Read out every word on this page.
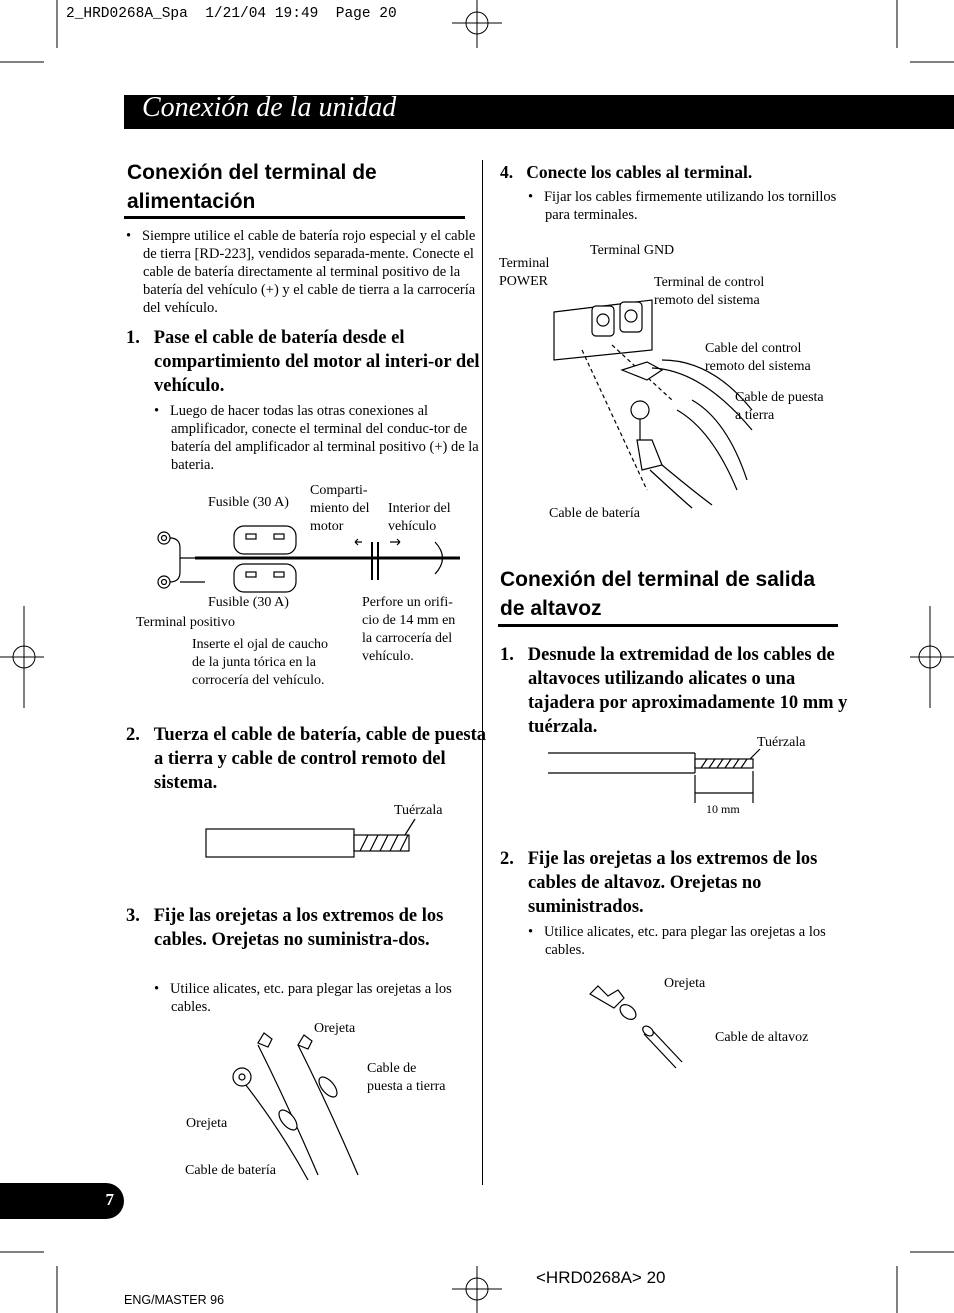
2_HRD0268A_Spa  1/21/04 19:49  Page 20
Conexión de la unidad
Conexión del terminal de
alimentación
•   Siempre utilice el cable de batería rojo especial y el cable de tierra [RD-223], vendidos separada-mente. Conecte el cable de batería directamente al terminal positivo de la batería del vehículo (+) y el cable de tierra a la carrocería del vehículo.
1. Pase el cable de batería desde el compartimiento del motor al interi-or del vehículo.
•   Luego de hacer todas las otras conexiones al amplificador, conecte el terminal del conduc-tor de batería del amplificador al terminal positivo (+) de la bateria.
Fusible (30 A)
Comparti-
miento del
motor
Interior del
vehículo
Fusible (30 A)
Terminal positivo
Inserte el ojal de caucho
de la junta tórica en la
corrocería del vehículo.
Perfore un orifi-
cio de 14 mm en
la carrocería del
vehículo.
2. Tuerza el cable de batería, cable de puesta a tierra y cable de control remoto del sistema.
Tuérzala
3. Fije las orejetas a los extremos de los cables. Orejetas no suministra-dos.
•   Utilice alicates, etc. para plegar las orejetas a los cables.
Orejeta
Cable de
puesta a tierra
Orejeta
Cable de batería
4. Conecte los cables al terminal.
•   Fijar los cables firmemente utilizando los tornillos para terminales.
Terminal GND
Terminal
POWER	Terminal de control
remoto del sistema
Cable del control
remoto del sistema
Cable de puesta
a tierra
Cable de batería
Conexión del terminal de salida
de altavoz
1. Desnude la extremidad de los cables de altavoces utilizando alicates o una tajadera por aproximadamente 10 mm y tuérzala.
Tuérzala
10 mm
2. Fije las orejetas a los extremos de los cables de altavoz. Orejetas no suministrados.
•   Utilice alicates, etc. para plegar las orejetas a los cables.
Orejeta
Cable de altavoz
7
<HRD0268A> 20
ENG/MASTER 96
